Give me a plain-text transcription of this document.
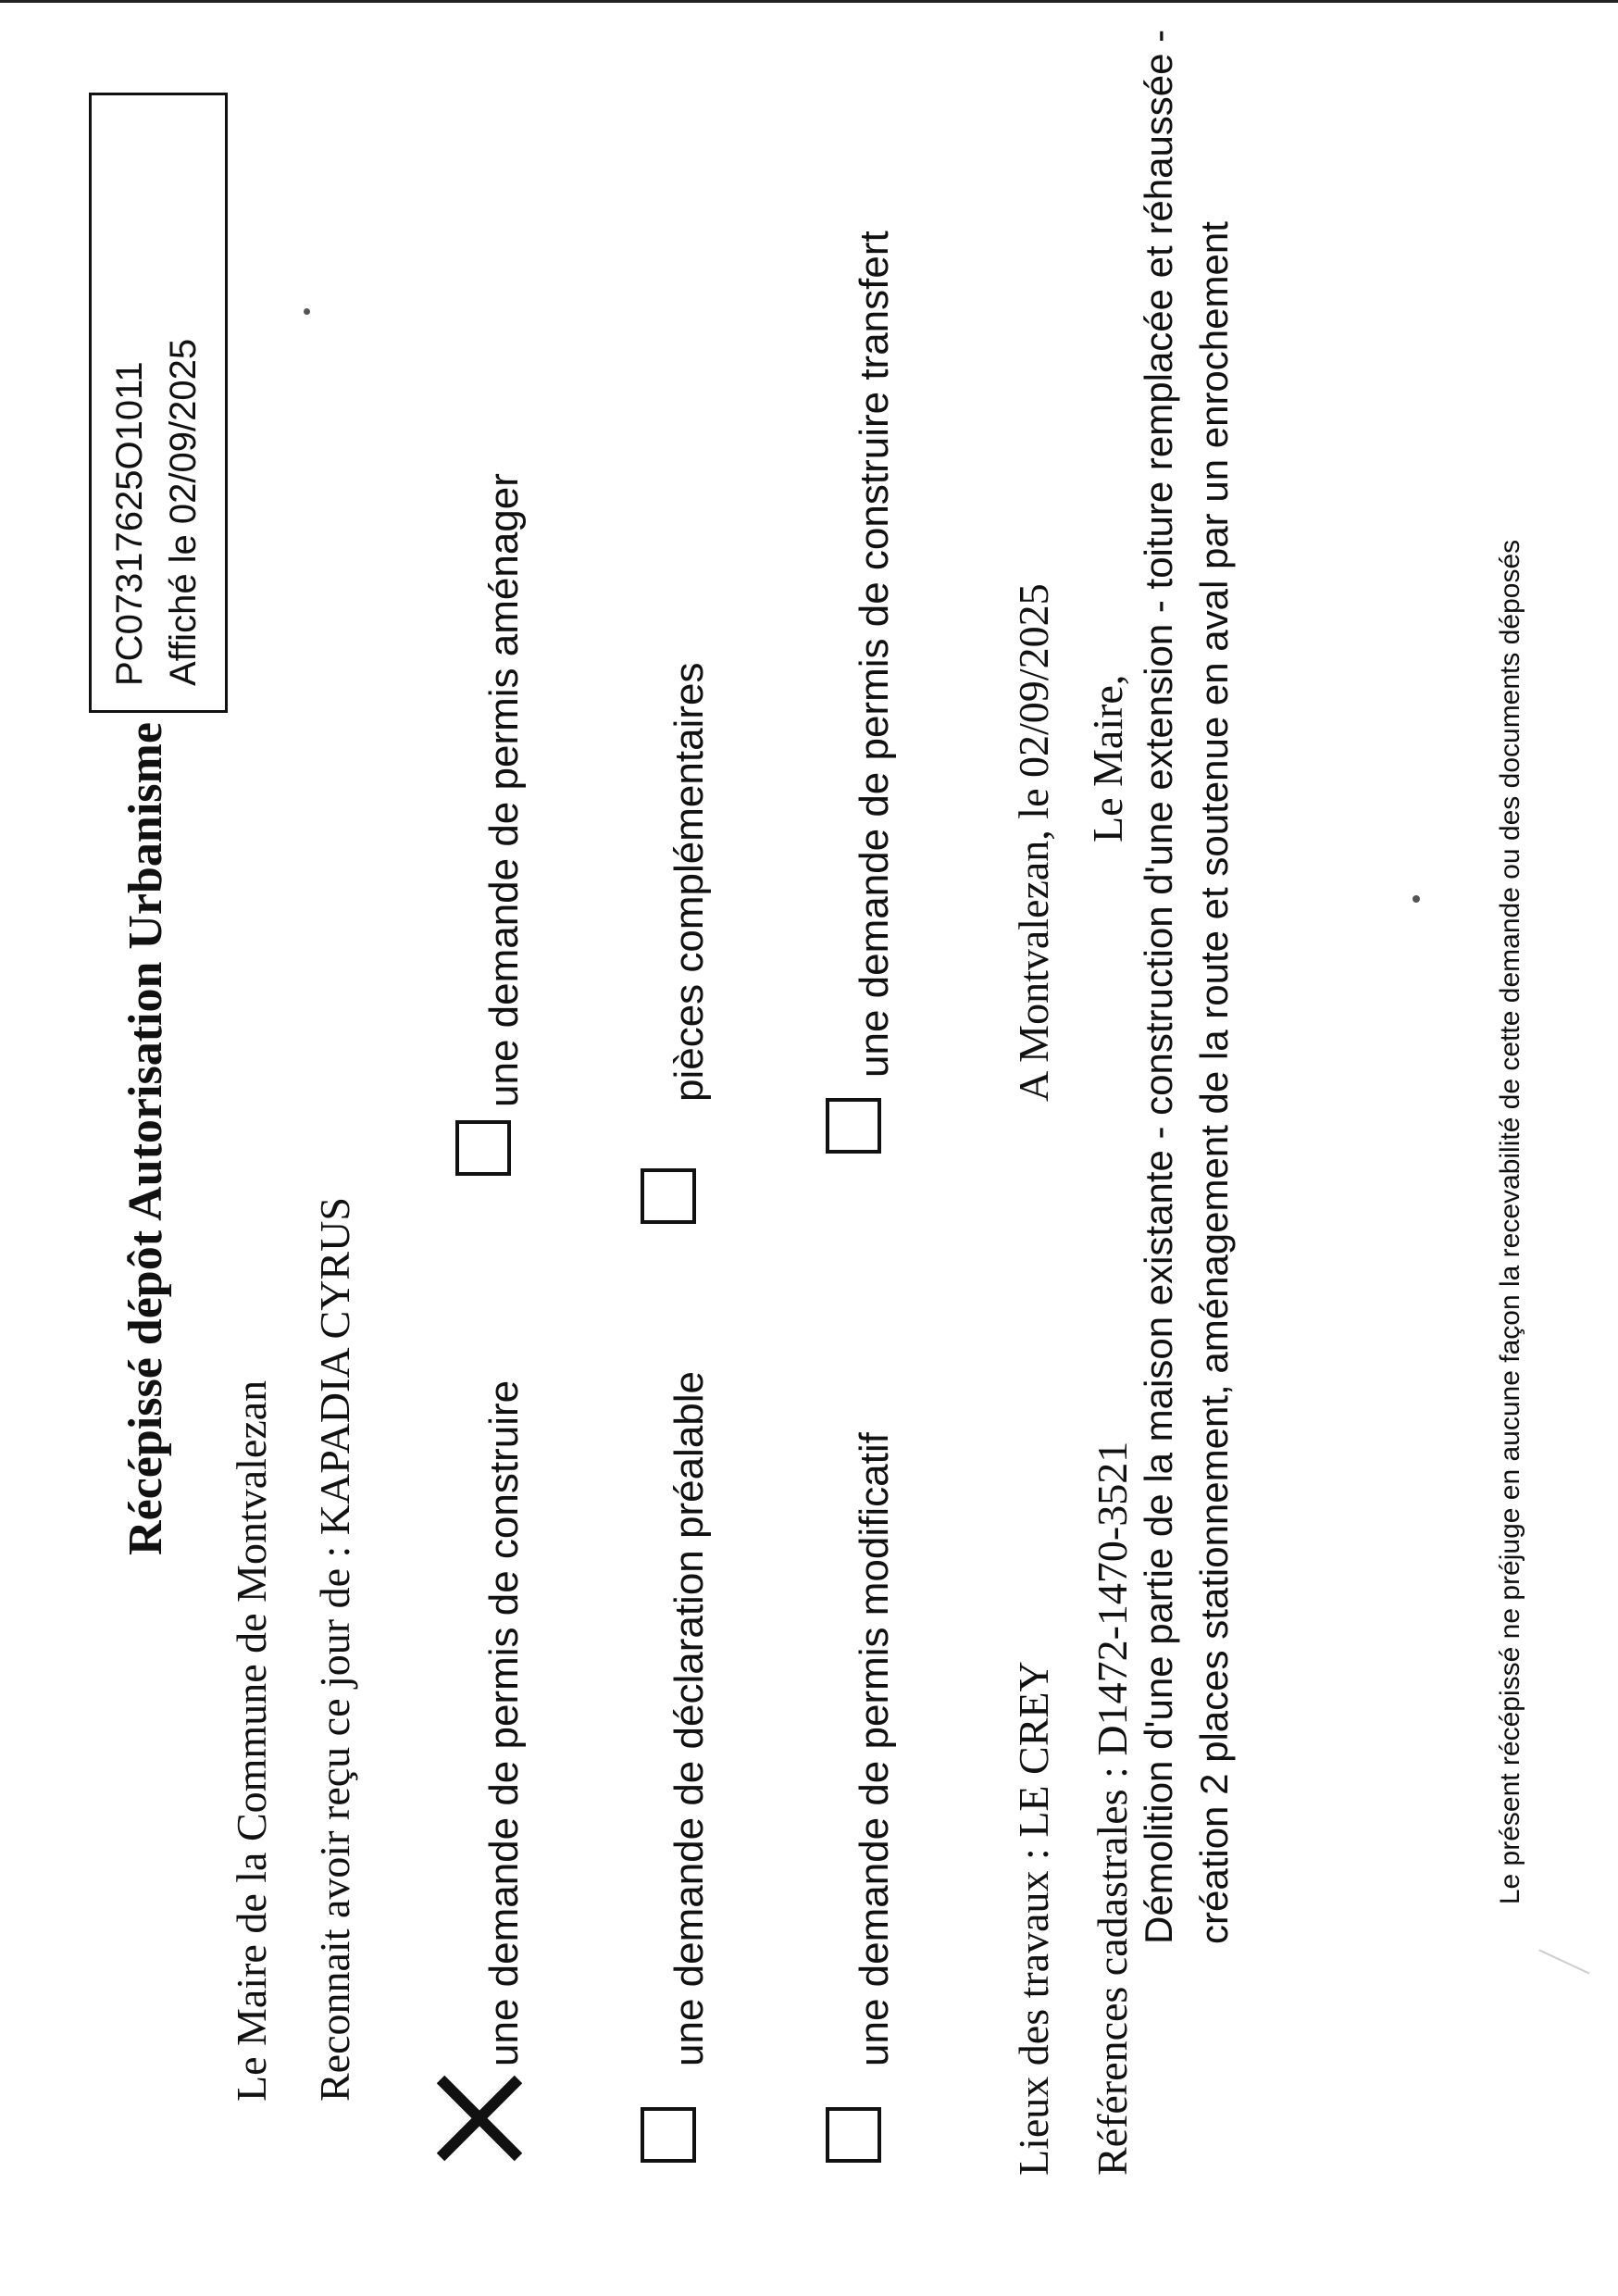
Récépissé dépôt Autorisation Urbanisme
PC07317625O1011 Affiché le 02/09/2025
Le Maire de la Commune de Montvalezan Reconnait avoir reçu ce jour de : KAPADIA CYRUS	une demande de permis de construire
une demande de permis aménager
une demande de déclaration préalable
pièces complémentaires
une demande de permis modificatif
une demande de permis de construire transfert
Lieux des travaux : LE CREY
A Montvalezan, le 02/09/2025
Références cadastrales : D1472-1470-3521
Le Maire, Démolition d'une partie de la maison existante - construction d'une extension - toiture remplacée et réhaussée - création 2 places stationnement, aménagement de la route et soutenue en aval par un enrochement	Le présent récépissé ne préjuge en aucune façon la recevabilité de cette demande ou des documents déposés
